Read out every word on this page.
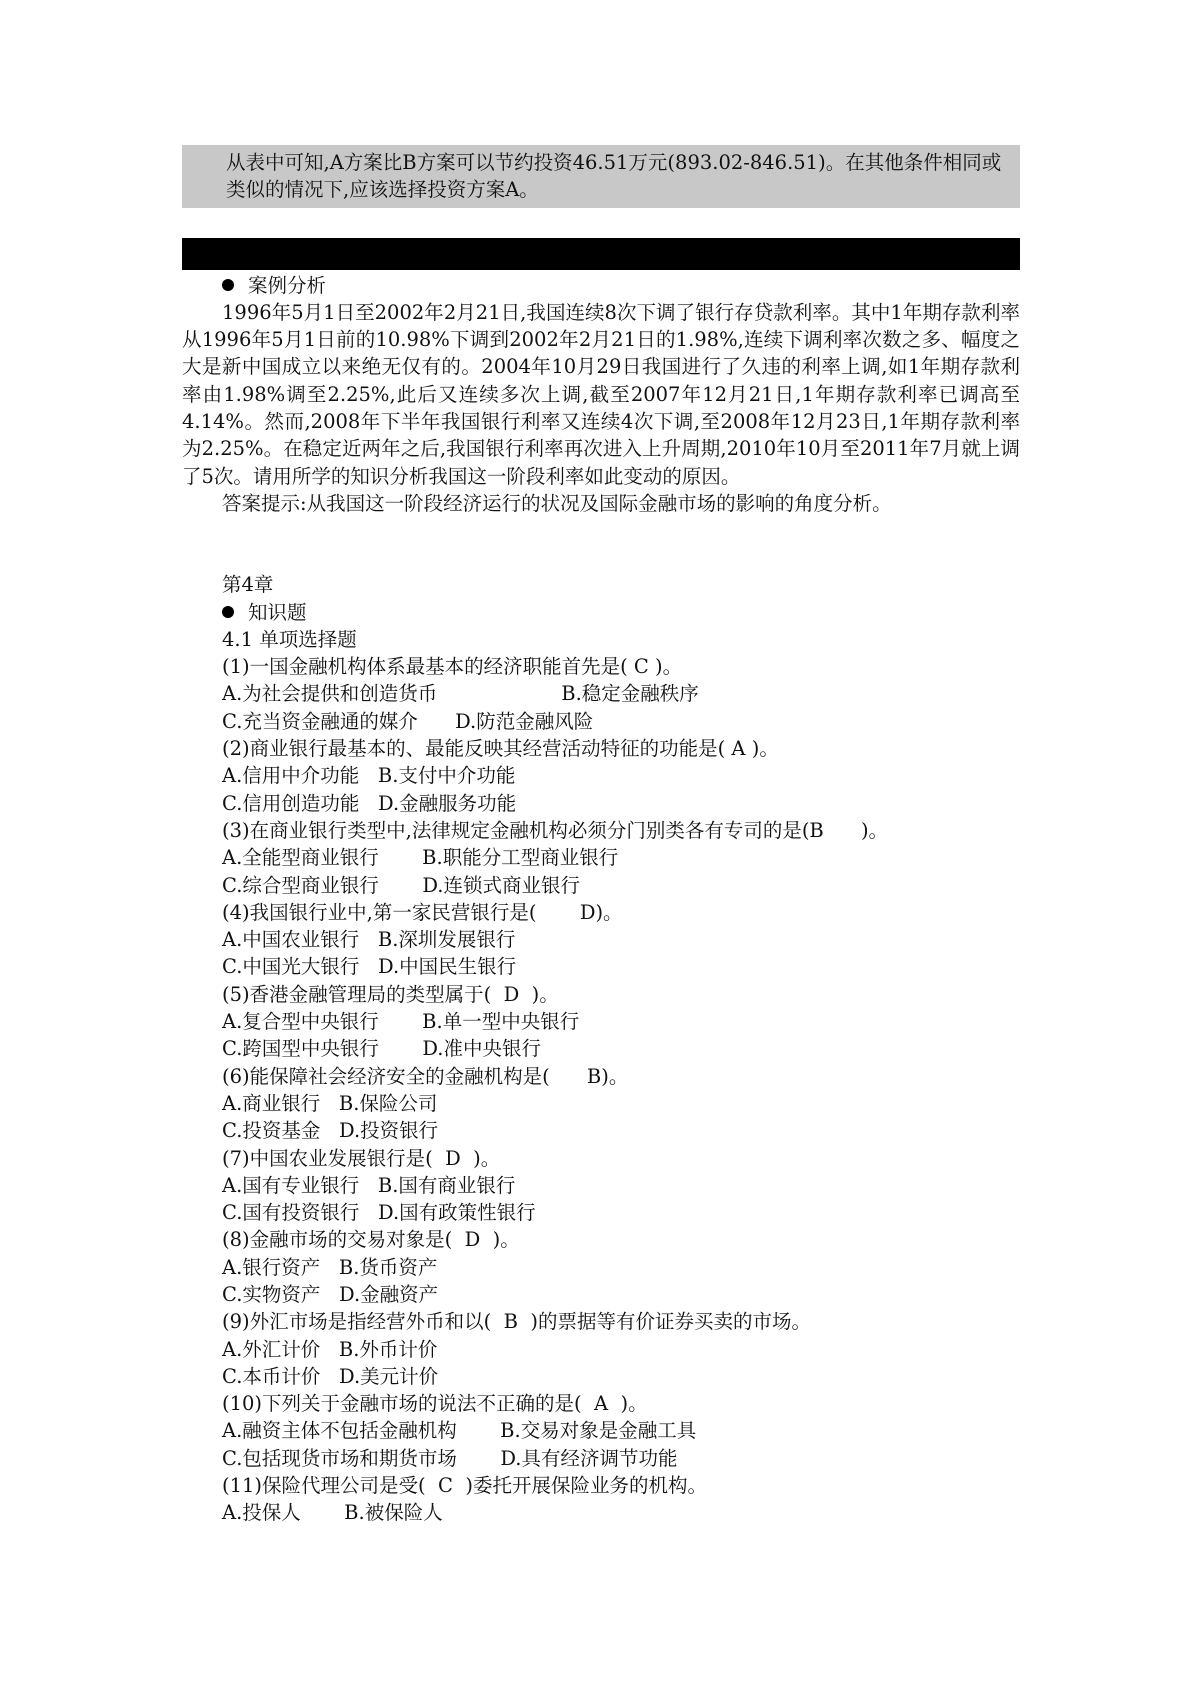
从表中可知,A方案比B方案可以节约投资46.51万元(893.02-846.51)。在其他条件相同或类似的情况下,应该选择投资方案A。

案例分析

1996年5月1日至2002年2月21日,我国连续8次下调了银行存贷款利率。其中1年期存款利率从1996年5月1日前的10.98%下调到2002年2月21日的1.98%,连续下调利率次数之多、幅度之大是新中国成立以来绝无仅有的。2004年10月29日我国进行了久违的利率上调,如1年期存款利率由1.98%调至2.25%,此后又连续多次上调,截至2007年12月21日,1年期存款利率已调高至4.14%。然而,2008年下半年我国银行利率又连续4次下调,至2008年12月23日,1年期存款利率为2.25%。在稳定近两年之后,我国银行利率再次进入上升周期,2010年10月至2011年7月就上调了5次。请用所学的知识分析我国这一阶段利率如此变动的原因。

答案提示:从我国这一阶段经济运行的状况及国际金融市场的影响的角度分析。

第4章

知识题

4.1 单项选择题

(1)一国金融机构体系最基本的经济职能首先是( C )。

A.为社会提供和创造货币                    B.稳定金融秩序

C.充当资金融通的媒介      D.防范金融风险

(2)商业银行最基本的、最能反映其经营活动特征的功能是( A )。

A.信用中介功能   B.支付中介功能

C.信用创造功能   D.金融服务功能

(3)在商业银行类型中,法律规定金融机构必须分门别类各有专司的是(B      )。

A.全能型商业银行       B.职能分工型商业银行

C.综合型商业银行       D.连锁式商业银行

(4)我国银行业中,第一家民营银行是(       D)。

A.中国农业银行   B.深圳发展银行

C.中国光大银行   D.中国民生银行

(5)香港金融管理局的类型属于(  D  )。

A.复合型中央银行       B.单一型中央银行

C.跨国型中央银行       D.准中央银行

(6)能保障社会经济安全的金融机构是(      B)。

A.商业银行   B.保险公司

C.投资基金   D.投资银行

(7)中国农业发展银行是(  D  )。

A.国有专业银行   B.国有商业银行

C.国有投资银行   D.国有政策性银行

(8)金融市场的交易对象是(  D  )。

A.银行资产   B.货币资产

C.实物资产   D.金融资产

(9)外汇市场是指经营外币和以(  B  )的票据等有价证券买卖的市场。

A.外汇计价   B.外币计价

C.本币计价   D.美元计价

(10)下列关于金融市场的说法不正确的是(  A  )。

A.融资主体不包括金融机构       B.交易对象是金融工具

C.包括现货市场和期货市场       D.具有经济调节功能

(11)保险代理公司是受(  C  )委托开展保险业务的机构。

A.投保人       B.被保险人
